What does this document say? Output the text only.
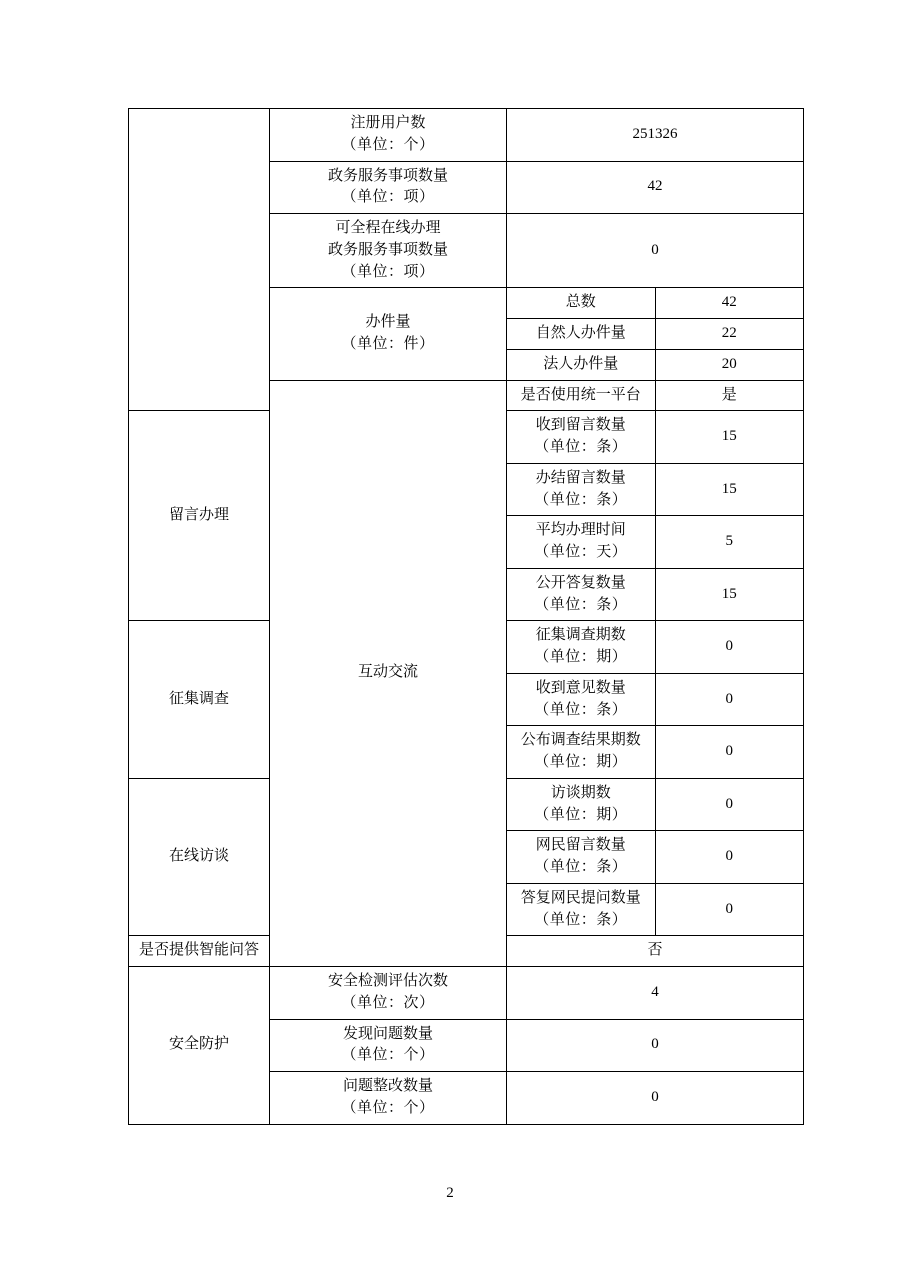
	注册用户数
（单位：个）	251326	

	政务服务事项数量
（单位：项）	42	

	可全程在线办理
政务服务事项数量
（单位：项）	0	

	办件量
（单位：件）	总数	42
		自然人办件量	22
		法人办件量	20
	互动交流	是否使用统一平台	是
留言办理		收到留言数量
（单位：条）	15

		办结留言数量
（单位：条）	15

		平均办理时间
（单位：天）	5

		公开答复数量
（单位：条）	15
征集调查		征集调查期数
（单位：期）	0

		收到意见数量
（单位：条）	0

		公布调查结果期数
（单位：期）	0
在线访谈		访谈期数
（单位：期）	0

		网民留言数量
（单位：条）	0

		答复网民提问数量
（单位：条）	0
是否提供智能问答		否	
安全防护	安全检测评估次数
（单位：次）	4	

	发现问题数量
（单位：个）	0	

	问题整改数量
（单位：个）	0	
2
